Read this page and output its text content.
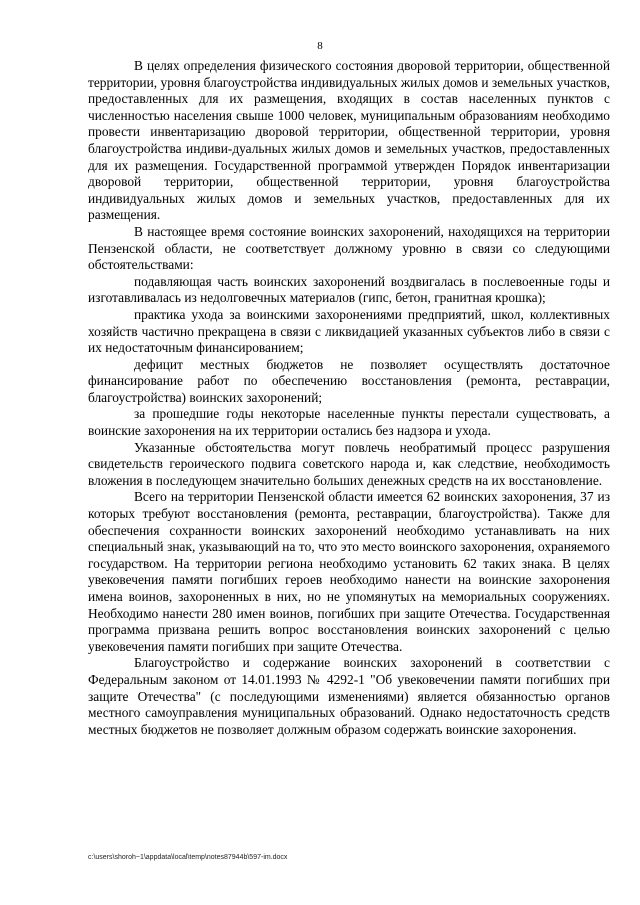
8

В целях определения физического состояния дворовой территории, общественной территории, уровня благоустройства индивидуальных жилых домов и земельных участков, предоставленных для их размещения, входящих в состав населенных пунктов с численностью населения свыше 1000 человек, муниципальным образованиям необходимо провести инвентаризацию дворовой территории, общественной территории, уровня благоустройства индиви-дуальных жилых домов и земельных участков, предоставленных для их размещения. Государственной программой утвержден Порядок инвентаризации дворовой территории, общественной территории, уровня благоустройства индивидуальных жилых домов и земельных участков, предоставленных для их размещения.

В настоящее время состояние воинских захоронений, находящихся на территории Пензенской области, не соответствует должному уровню в связи со следующими обстоятельствами:

подавляющая часть воинских захоронений воздвигалась в послевоенные годы и изготавливалась из недолговечных материалов (гипс, бетон, гранитная крошка);

практика ухода за воинскими захоронениями предприятий, школ, коллективных хозяйств частично прекращена в связи с ликвидацией указанных субъектов либо в связи с их недостаточным финансированием;

дефицит местных бюджетов не позволяет осуществлять достаточное финансирование работ по обеспечению восстановления (ремонта, реставрации, благоустройства) воинских захоронений;

за прошедшие годы некоторые населенные пункты перестали существовать, а воинские захоронения на их территории остались без надзора и ухода.

Указанные обстоятельства могут повлечь необратимый процесс разрушения свидетельств героического подвига советского народа и, как следствие, необходимость вложения в последующем значительно больших денежных средств на их восстановление.

Всего на территории Пензенской области имеется 62 воинских захоронения, 37 из которых требуют восстановления (ремонта, реставрации, благоустройства). Также для обеспечения сохранности воинских захоронений необходимо устанавливать на них специальный знак, указывающий на то, что это место воинского захоронения, охраняемого государством. На территории региона необходимо установить 62 таких знака. В целях увековечения памяти погибших героев необходимо нанести на воинские захоронения имена воинов, захороненных в них, но не упомянутых на мемориальных сооружениях. Необходимо нанести 280 имен воинов, погибших при защите Отечества. Государственная программа призвана решить вопрос восстановления воинских захоронений с целью увековечения памяти погибших при защите Отечества.

Благоустройство и содержание воинских захоронений в соответствии с Федеральным законом от 14.01.1993 № 4292-1 "Об увековечении памяти погибших при защите Отечества" (с последующими изменениями) является обязанностью органов местного самоуправления муниципальных образований. Однако недостаточность средств местных бюджетов не позволяет должным образом содержать воинские захоронения.

c:\users\shoroh~1\appdata\local\temp\notes87944b\597-im.docx
